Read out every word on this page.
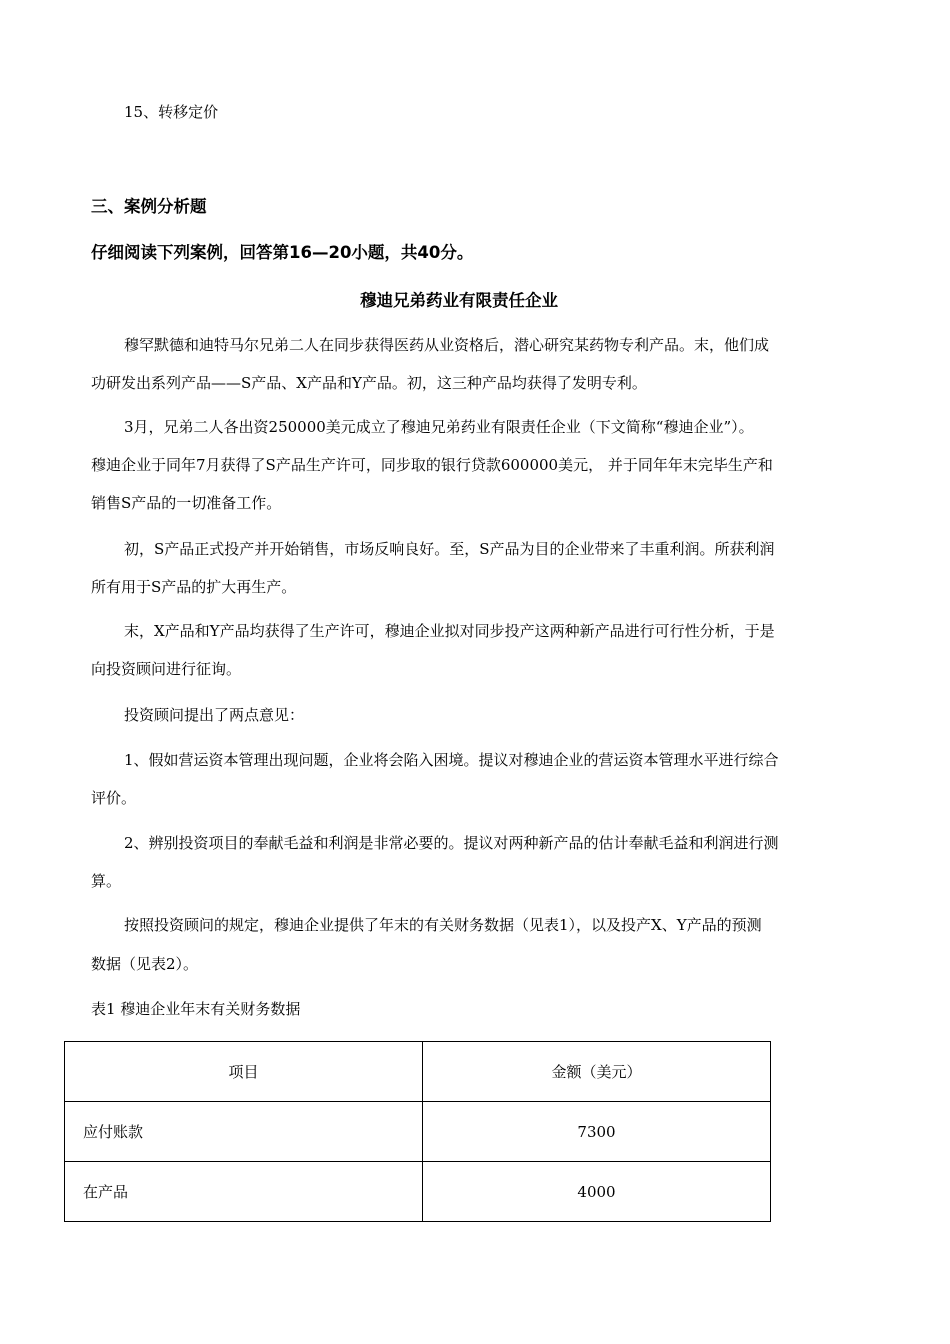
15、转移定价
三、案例分析题
仔细阅读下列案例，回答第16—20小题，共40分。
穆迪兄弟药业有限责任企业
穆罕默德和迪特马尔兄弟二人在同步获得医药从业资格后，潜心研究某药物专利产品。末，他们成
功研发出系列产品——S产品、X产品和Y产品。初，这三种产品均获得了发明专利。
3月，兄弟二人各出资250000美元成立了穆迪兄弟药业有限责任企业（下文简称“穆迪企业”）。
穆迪企业于同年7月获得了S产品生产许可，同步取的银行贷款600000美元， 并于同年年末完毕生产和
销售S产品的一切准备工作。
初，S产品正式投产并开始销售，市场反响良好。至，S产品为目的企业带来了丰重利润。所获利润
所有用于S产品的扩大再生产。
末，X产品和Y产品均获得了生产许可，穆迪企业拟对同步投产这两种新产品进行可行性分析，于是
向投资顾问进行征询。
投资顾问提出了两点意见：
1、假如营运资本管理出现问题，企业将会陷入困境。提议对穆迪企业的营运资本管理水平进行综合
评价。
2、辨别投资项目的奉献毛益和利润是非常必要的。提议对两种新产品的估计奉献毛益和利润进行测
算。
按照投资顾问的规定，穆迪企业提供了年末的有关财务数据（见表1），以及投产X、Y产品的预测
数据（见表2）。
表1 穆迪企业年末有关财务数据
项目	金额（美元）
应付账款	7300
在产品	4000
